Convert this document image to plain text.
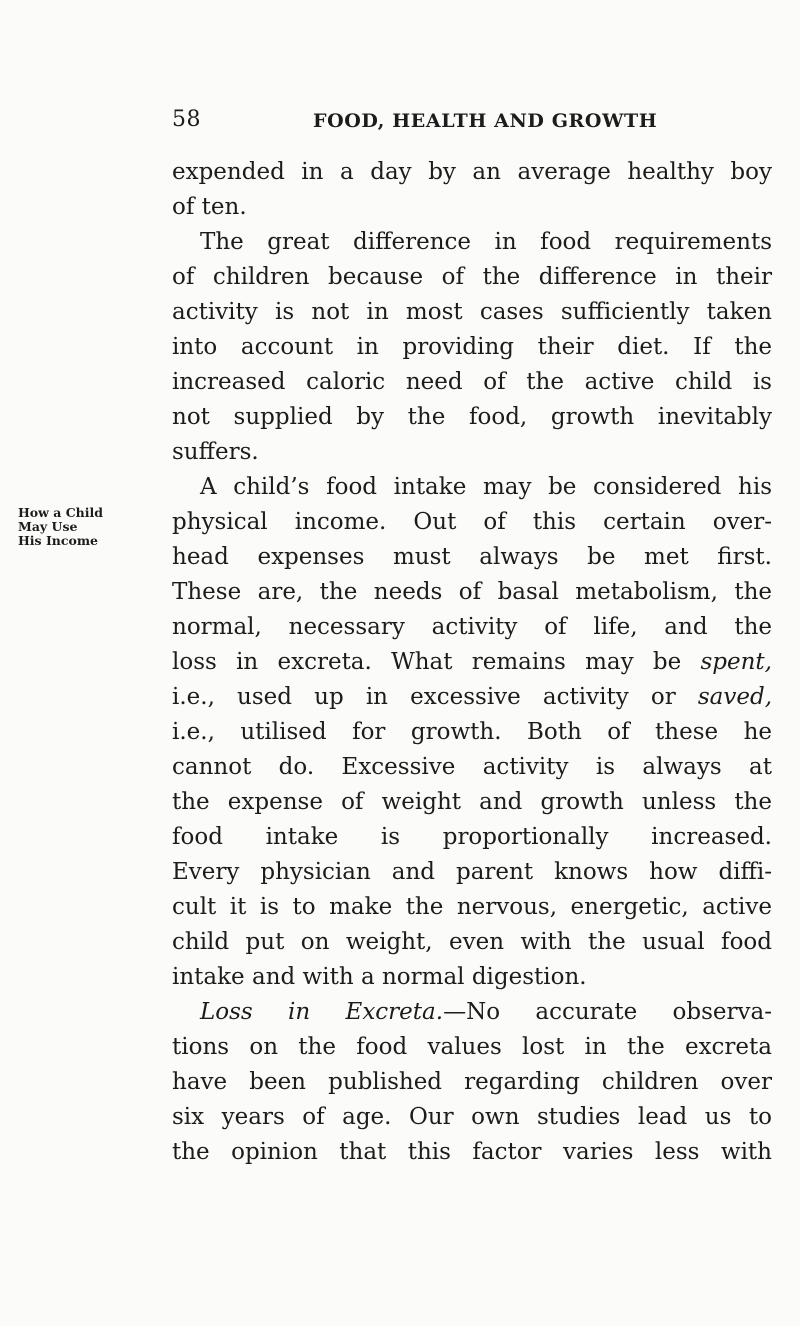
58	FOOD, HEALTH AND GROWTH
How a Child
May Use
His Income
expended in a day by an average healthy boy
of ten.
The great difference in food requirements
of children because of the difference in their
activity is not in most cases sufficiently taken
into account in providing their diet. If the
increased caloric need of the active child is
not supplied by the food, growth inevitably
suffers.
A child’s food intake may be considered his
physical income. Out of this certain over-
head expenses must always be met first.
These are, the needs of basal metabolism, the
normal, necessary activity of life, and the
loss in excreta. What remains may be spent,
i.e., used up in excessive activity or saved,
i.e., utilised for growth. Both of these he
cannot do. Excessive activity is always at
the expense of weight and growth unless the
food intake is proportionally increased.
Every physician and parent knows how diffi-
cult it is to make the nervous, energetic, active
child put on weight, even with the usual food
intake and with a normal digestion.
Loss in Excreta.—No accurate observa-
tions on the food values lost in the excreta
have been published regarding children over
six years of age. Our own studies lead us to
the opinion that this factor varies less with
